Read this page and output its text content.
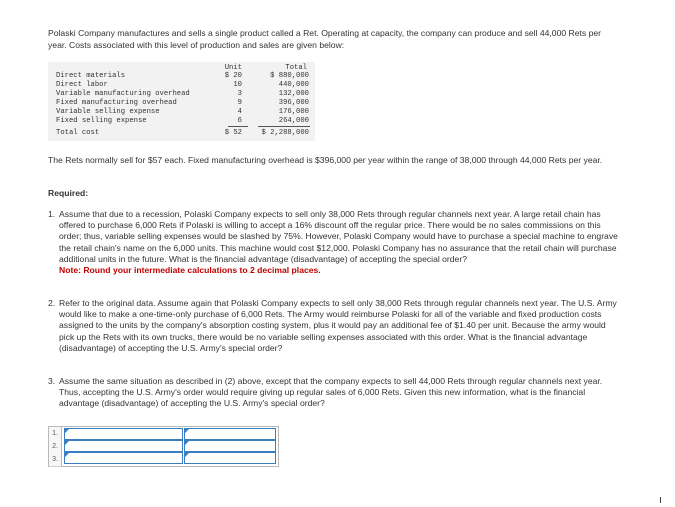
Polaski Company manufactures and sells a single product called a Ret. Operating at capacity, the company can produce and sell 44,000 Rets per year. Costs associated with this level of production and sales are given below:

Unit	Total
Direct materials	$ 20	$ 880,000
Direct labor	10	440,000
Variable manufacturing overhead	3	132,000
Fixed manufacturing overhead	9	396,000
Variable selling expense	4	176,000
Fixed selling expense	6	264,000
Total cost	$ 52	$ 2,288,000

The Rets normally sell for $57 each. Fixed manufacturing overhead is $396,000 per year within the range of 38,000 through 44,000 Rets per year.

Required:
1. Assume that due to a recession, Polaski Company expects to sell only 38,000 Rets through regular channels next year. A large retail chain has offered to purchase 6,000 Rets if Polaski is willing to accept a 16% discount off the regular price. There would be no sales commissions on this order; thus, variable selling expenses would be slashed by 75%. However, Polaski Company would have to purchase a special machine to engrave the retail chain's name on the 6,000 units. This machine would cost $12,000. Polaski Company has no assurance that the retail chain will purchase additional units in the future. What is the financial advantage (disadvantage) of accepting the special order?
Note: Round your intermediate calculations to 2 decimal places.
2. Refer to the original data. Assume again that Polaski Company expects to sell only 38,000 Rets through regular channels next year. The U.S. Army would like to make a one-time-only purchase of 6,000 Rets. The Army would reimburse Polaski for all of the variable and fixed production costs assigned to the units by the company's absorption costing system, plus it would pay an additional fee of $1.40 per unit. Because the army would pick up the Rets with its own trucks, there would be no variable selling expenses associated with this order. What is the financial advantage (disadvantage) of accepting the U.S. Army's special order?
3. Assume the same situation as described in (2) above, except that the company expects to sell 44,000 Rets through regular channels next year. Thus, accepting the U.S. Army's order would require giving up regular sales of 6,000 Rets. Given this new information, what is the financial advantage (disadvantage) of accepting the U.S. Army's special order?
1.
2.
3.
